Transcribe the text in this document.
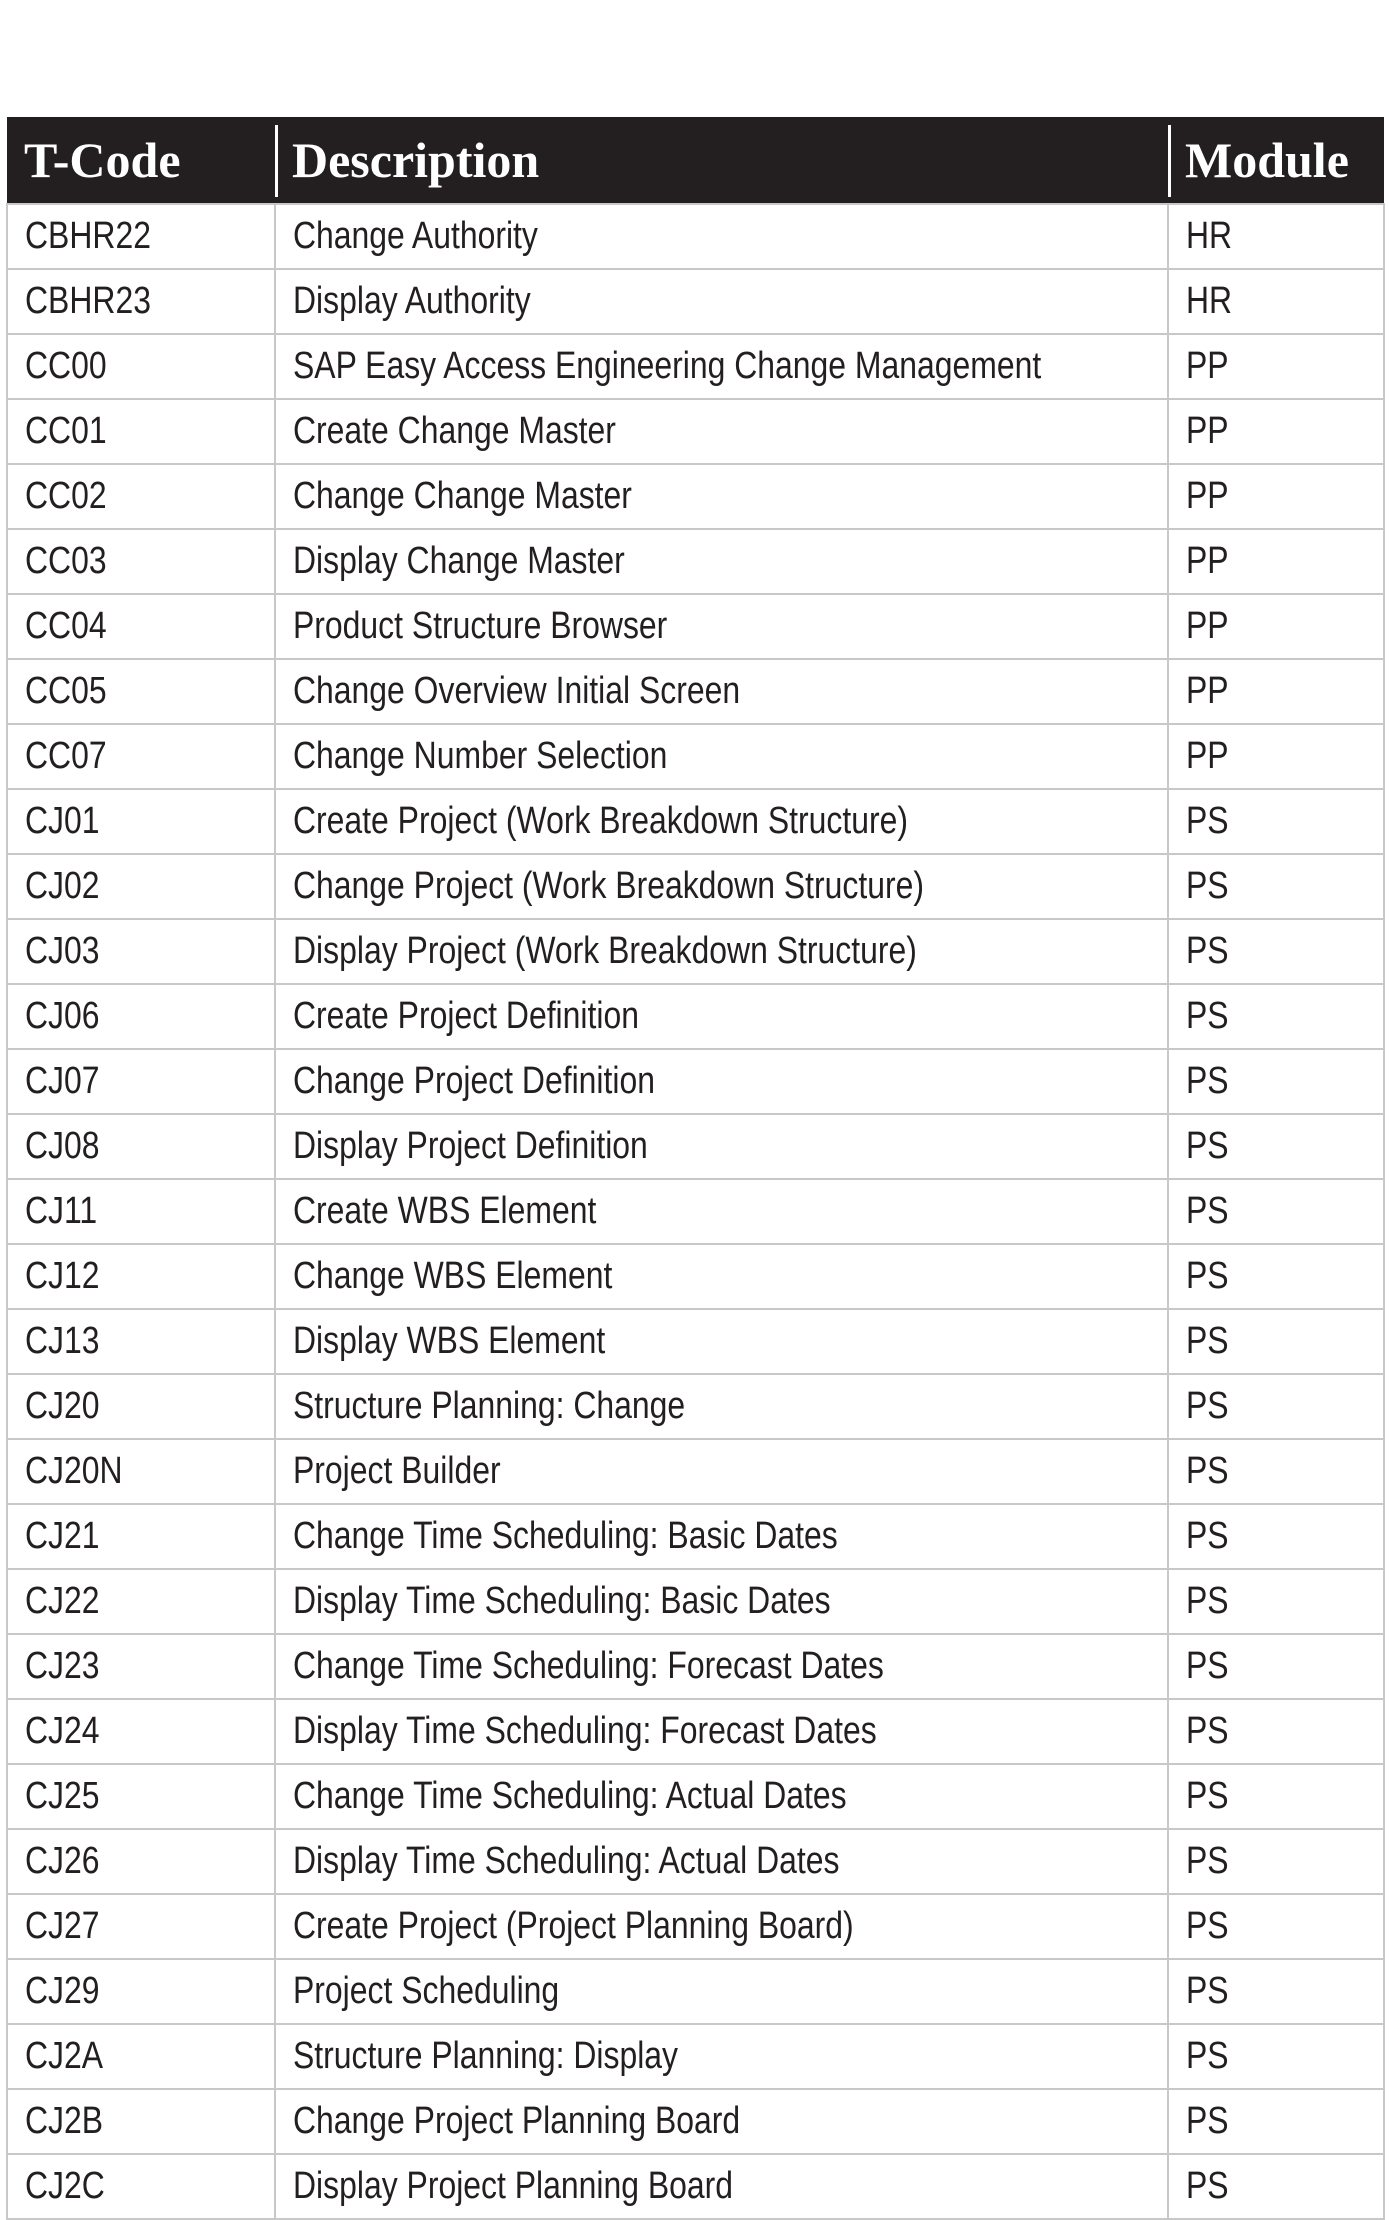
T-Code	Description	Module
CBHR22	Change Authority	HR
CBHR23	Display Authority	HR
CC00	SAP Easy Access Engineering Change Management	PP
CC01	Create Change Master	PP
CC02	Change Change Master	PP
CC03	Display Change Master	PP
CC04	Product Structure Browser	PP
CC05	Change Overview Initial Screen	PP
CC07	Change Number Selection	PP
CJ01	Create Project (Work Breakdown Structure)	PS
CJ02	Change Project (Work Breakdown Structure)	PS
CJ03	Display Project (Work Breakdown Structure)	PS
CJ06	Create Project Definition	PS
CJ07	Change Project Definition	PS
CJ08	Display Project Definition	PS
CJ11	Create WBS Element	PS
CJ12	Change WBS Element	PS
CJ13	Display WBS Element	PS
CJ20	Structure Planning: Change	PS
CJ20N	Project Builder	PS
CJ21	Change Time Scheduling: Basic Dates	PS
CJ22	Display Time Scheduling: Basic Dates	PS
CJ23	Change Time Scheduling: Forecast Dates	PS
CJ24	Display Time Scheduling: Forecast Dates	PS
CJ25	Change Time Scheduling: Actual Dates	PS
CJ26	Display Time Scheduling: Actual Dates	PS
CJ27	Create Project (Project Planning Board)	PS
CJ29	Project Scheduling	PS
CJ2A	Structure Planning: Display	PS
CJ2B	Change Project Planning Board	PS
CJ2C	Display Project Planning Board	PS
